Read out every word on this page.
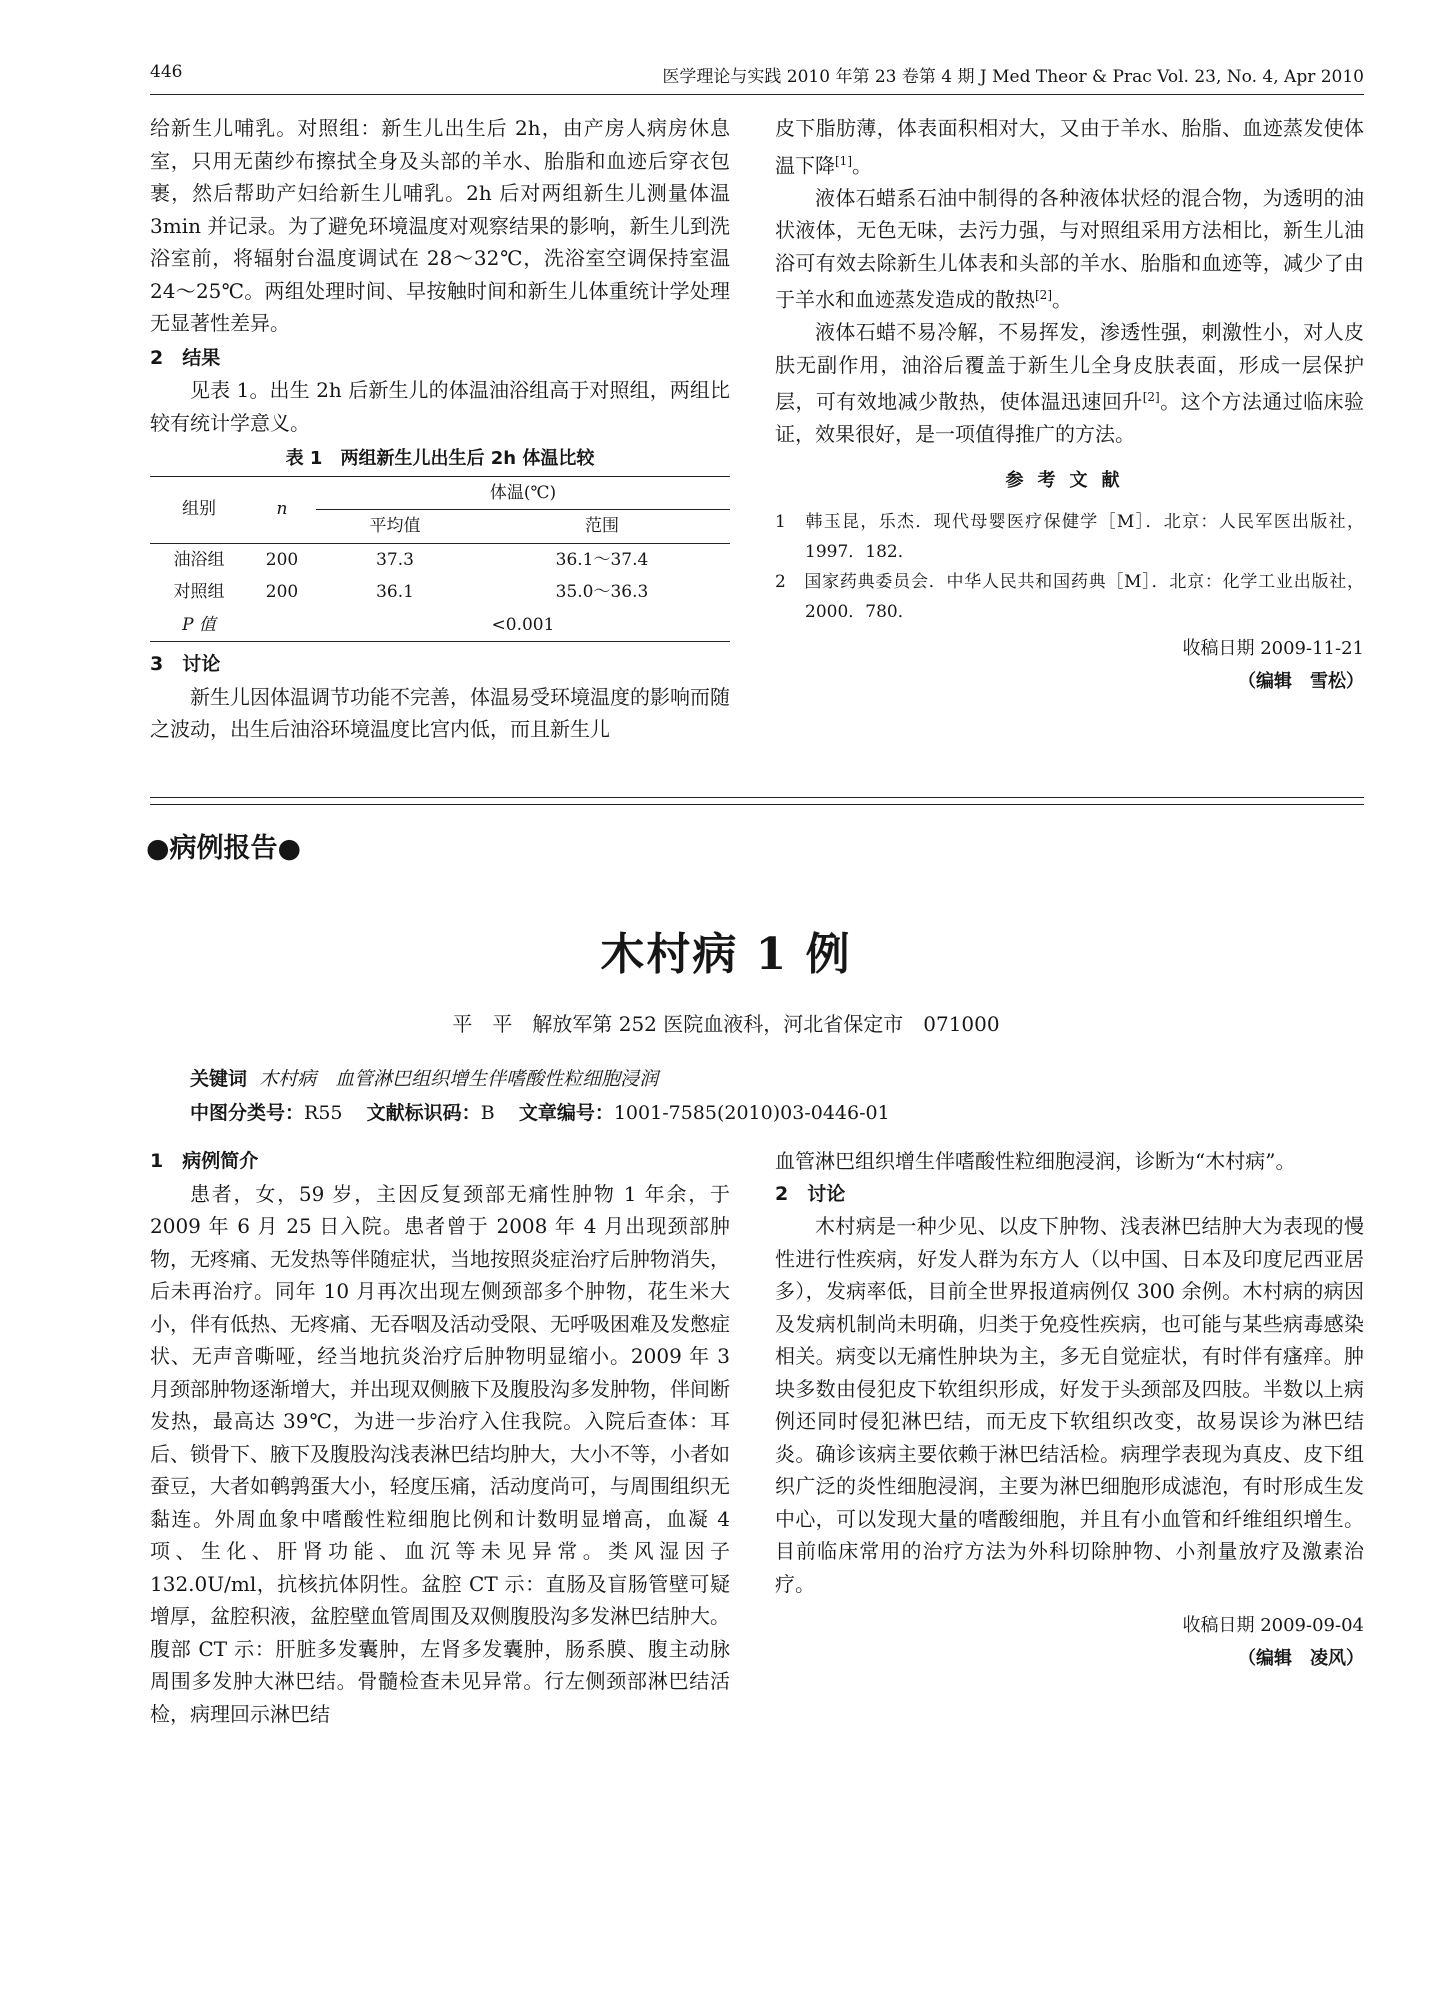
446	医学理论与实践 2010 年第 23 卷第 4 期 J Med Theor & Prac Vol. 23, No. 4, Apr 2010

给新生儿哺乳。对照组：新生儿出生后 2h，由产房人病房休息室，只用无菌纱布擦拭全身及头部的羊水、胎脂和血迹后穿衣包裹，然后帮助产妇给新生儿哺乳。2h 后对两组新生儿测量体温 3min 并记录。为了避免环境温度对观察结果的影响，新生儿到洗浴室前，将辐射台温度调试在 28～32℃，洗浴室空调保持室温 24～25℃。两组处理时间、早按触时间和新生儿体重统计学处理无显著性差异。

2　结果

见表 1。出生 2h 后新生儿的体温油浴组高于对照组，两组比较有统计学意义。

表 1　两组新生儿出生后 2h 体温比较

组别	n	体温(℃)	
		平均值	范围
油浴组	200	37.3	36.1～37.4
对照组	200	36.1	35.0～36.3
P 值		<0.001	

3　讨论

新生儿因体温调节功能不完善，体温易受环境温度的影响而随之波动，出生后油浴环境温度比宫内低，而且新生儿

皮下脂肪薄，体表面积相对大，又由于羊水、胎脂、血迹蒸发使体温下降[1]。

液体石蜡系石油中制得的各种液体状烃的混合物，为透明的油状液体，无色无味，去污力强，与对照组采用方法相比，新生儿油浴可有效去除新生儿体表和头部的羊水、胎脂和血迹等，减少了由于羊水和血迹蒸发造成的散热[2]。

液体石蜡不易冷解，不易挥发，渗透性强，刺激性小，对人皮肤无副作用，油浴后覆盖于新生儿全身皮肤表面，形成一层保护层，可有效地减少散热，使体温迅速回升[2]。这个方法通过临床验证，效果很好，是一项值得推广的方法。

参考文献

1　韩玉昆，乐杰．现代母婴医疗保健学［M］．北京：人民军医出版社，1997．182．

2　国家药典委员会．中华人民共和国药典［M］．北京：化学工业出版社，2000．780．

收稿日期 2009-11-21

（编辑　雪松）

●病例报告●
木村病 1 例
平　平　解放军第 252 医院血液科，河北省保定市　071000
关键词 木村病　血管淋巴组织增生伴嗜酸性粒细胞浸润
中图分类号：R55 文献标识码：B 文章编号：1001-7585(2010)03-0446-01

1　病例简介

患者，女，59 岁，主因反复颈部无痛性肿物 1 年余，于 2009 年 6 月 25 日入院。患者曾于 2008 年 4 月出现颈部肿物，无疼痛、无发热等伴随症状，当地按照炎症治疗后肿物消失，后未再治疗。同年 10 月再次出现左侧颈部多个肿物，花生米大小，伴有低热、无疼痛、无吞咽及活动受限、无呼吸困难及发憋症状、无声音嘶哑，经当地抗炎治疗后肿物明显缩小。2009 年 3 月颈部肿物逐渐增大，并出现双侧腋下及腹股沟多发肿物，伴间断发热，最高达 39℃，为进一步治疗入住我院。入院后查体：耳后、锁骨下、腋下及腹股沟浅表淋巴结均肿大，大小不等，小者如蚕豆，大者如鹌鹑蛋大小，轻度压痛，活动度尚可，与周围组织无黏连。外周血象中嗜酸性粒细胞比例和计数明显增高，血凝 4 项、生化、肝肾功能、血沉等未见异常。类风湿因子 132.0U/ml，抗核抗体阴性。盆腔 CT 示：直肠及盲肠管壁可疑增厚，盆腔积液，盆腔壁血管周围及双侧腹股沟多发淋巴结肿大。腹部 CT 示：肝脏多发囊肿，左肾多发囊肿，肠系膜、腹主动脉周围多发肿大淋巴结。骨髓检查未见异常。行左侧颈部淋巴结活检，病理回示淋巴结

血管淋巴组织增生伴嗜酸性粒细胞浸润，诊断为“木村病”。

2　讨论

木村病是一种少见、以皮下肿物、浅表淋巴结肿大为表现的慢性进行性疾病，好发人群为东方人（以中国、日本及印度尼西亚居多），发病率低，目前全世界报道病例仅 300 余例。木村病的病因及发病机制尚未明确，归类于免疫性疾病，也可能与某些病毒感染相关。病变以无痛性肿块为主，多无自觉症状，有时伴有瘙痒。肿块多数由侵犯皮下软组织形成，好发于头颈部及四肢。半数以上病例还同时侵犯淋巴结，而无皮下软组织改变，故易误诊为淋巴结炎。确诊该病主要依赖于淋巴结活检。病理学表现为真皮、皮下组织广泛的炎性细胞浸润，主要为淋巴细胞形成滤泡，有时形成生发中心，可以发现大量的嗜酸细胞，并且有小血管和纤维组织增生。目前临床常用的治疗方法为外科切除肿物、小剂量放疗及激素治疗。

收稿日期 2009-09-04

（编辑　凌风）
